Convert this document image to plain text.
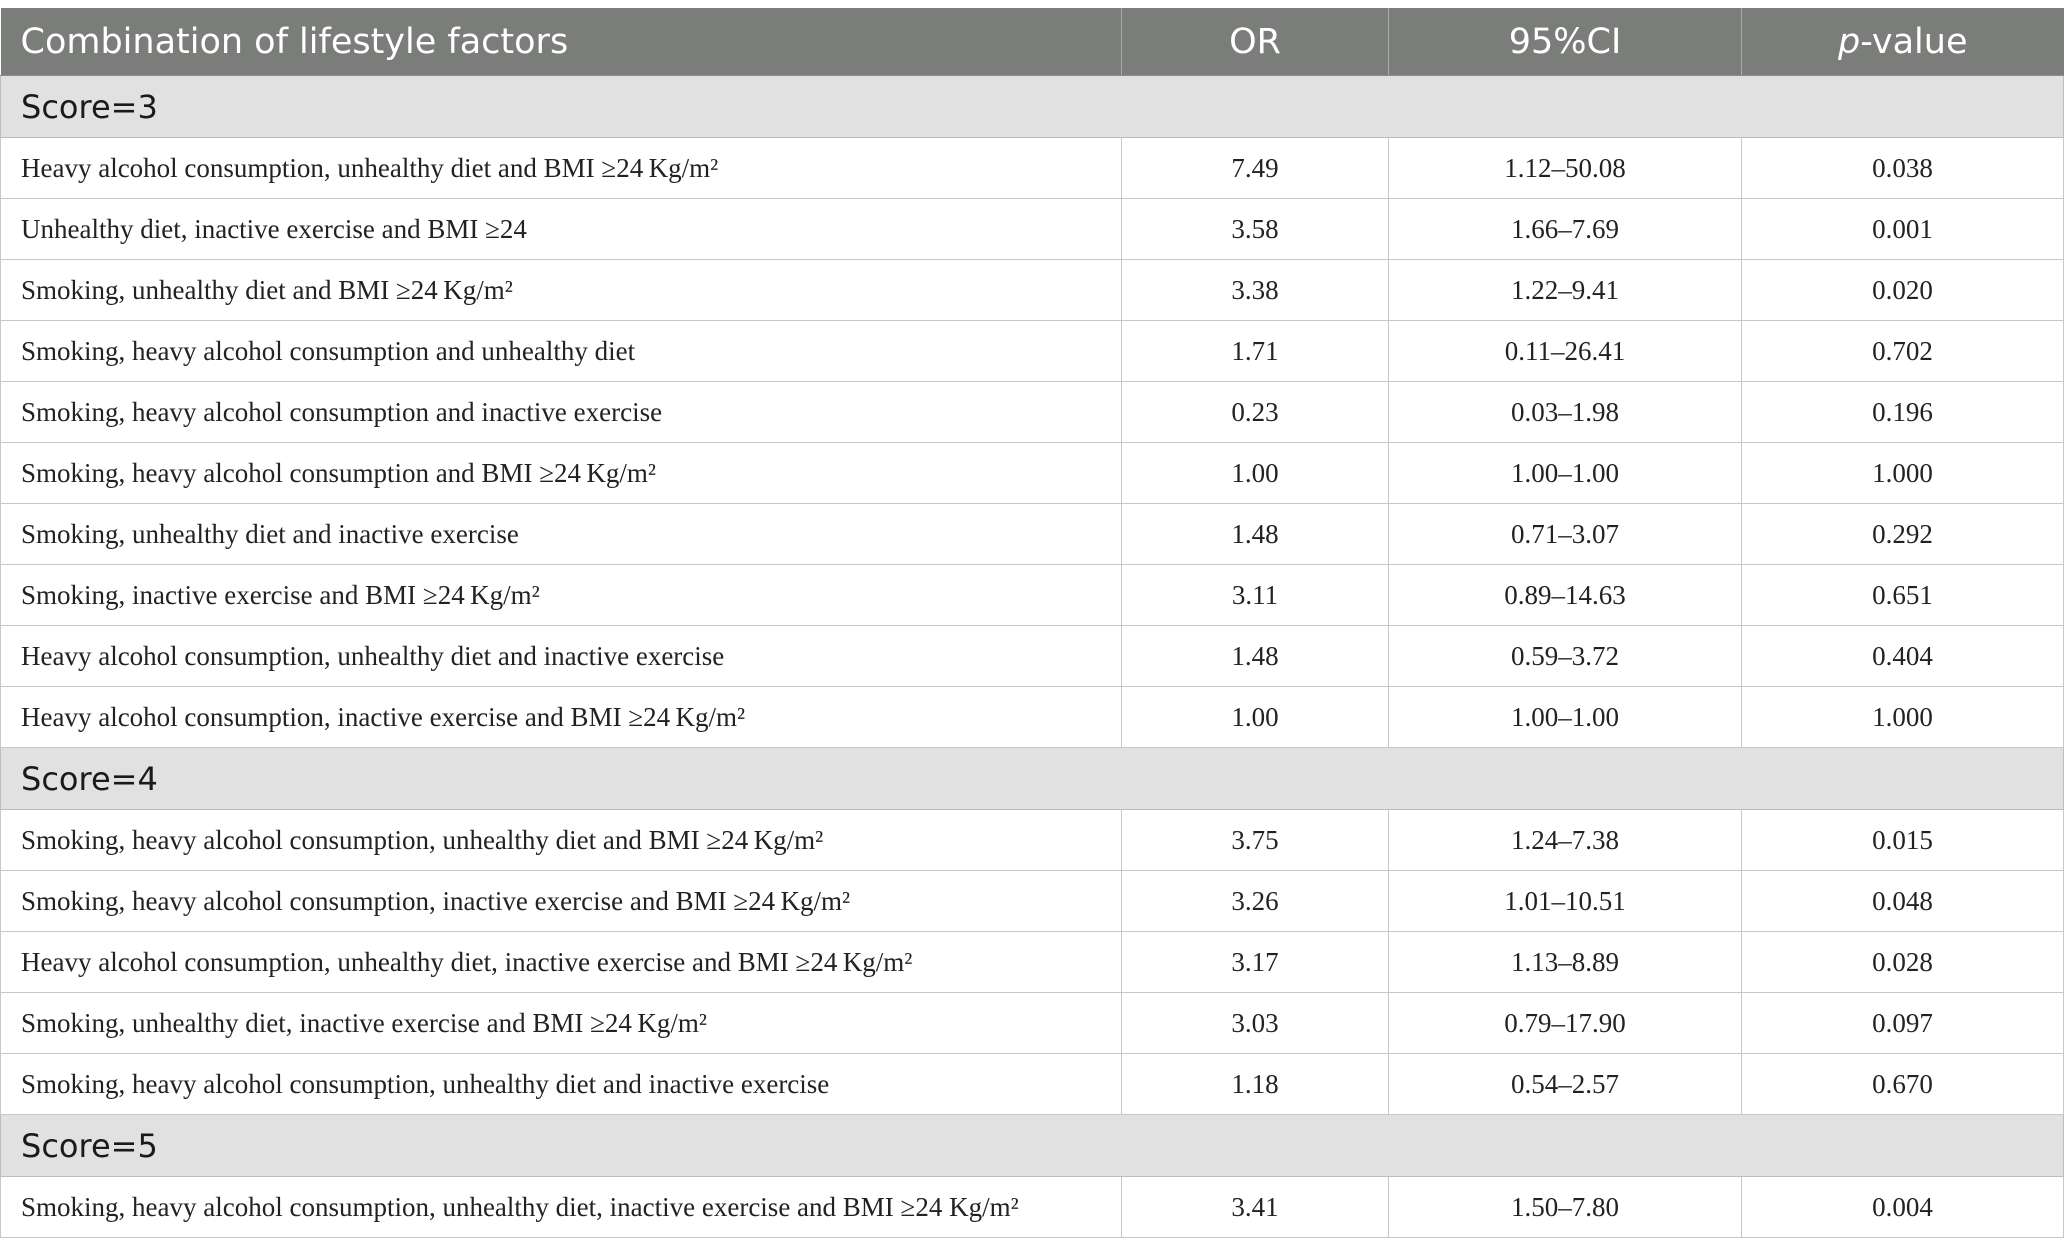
Combination of lifestyle factors	OR	95%CI	p-value
Score=3			
Heavy alcohol consumption, unhealthy diet and BMI ≥24 Kg/m²	7.49	1.12–50.08	0.038
Unhealthy diet, inactive exercise and BMI ≥24	3.58	1.66–7.69	0.001
Smoking, unhealthy diet and BMI ≥24 Kg/m²	3.38	1.22–9.41	0.020
Smoking, heavy alcohol consumption and unhealthy diet	1.71	0.11–26.41	0.702
Smoking, heavy alcohol consumption and inactive exercise	0.23	0.03–1.98	0.196
Smoking, heavy alcohol consumption and BMI ≥24 Kg/m²	1.00	1.00–1.00	1.000
Smoking, unhealthy diet and inactive exercise	1.48	0.71–3.07	0.292
Smoking, inactive exercise and BMI ≥24 Kg/m²	3.11	0.89–14.63	0.651
Heavy alcohol consumption, unhealthy diet and inactive exercise	1.48	0.59–3.72	0.404
Heavy alcohol consumption, inactive exercise and BMI ≥24 Kg/m²	1.00	1.00–1.00	1.000
Score=4			
Smoking, heavy alcohol consumption, unhealthy diet and BMI ≥24 Kg/m²	3.75	1.24–7.38	0.015
Smoking, heavy alcohol consumption, inactive exercise and BMI ≥24 Kg/m²	3.26	1.01–10.51	0.048
Heavy alcohol consumption, unhealthy diet, inactive exercise and BMI ≥24 Kg/m²	3.17	1.13–8.89	0.028
Smoking, unhealthy diet, inactive exercise and BMI ≥24 Kg/m²	3.03	0.79–17.90	0.097
Smoking, heavy alcohol consumption, unhealthy diet and inactive exercise	1.18	0.54–2.57	0.670
Score=5			
Smoking, heavy alcohol consumption, unhealthy diet, inactive exercise and BMI ≥24 Kg/m²	3.41	1.50–7.80	0.004
